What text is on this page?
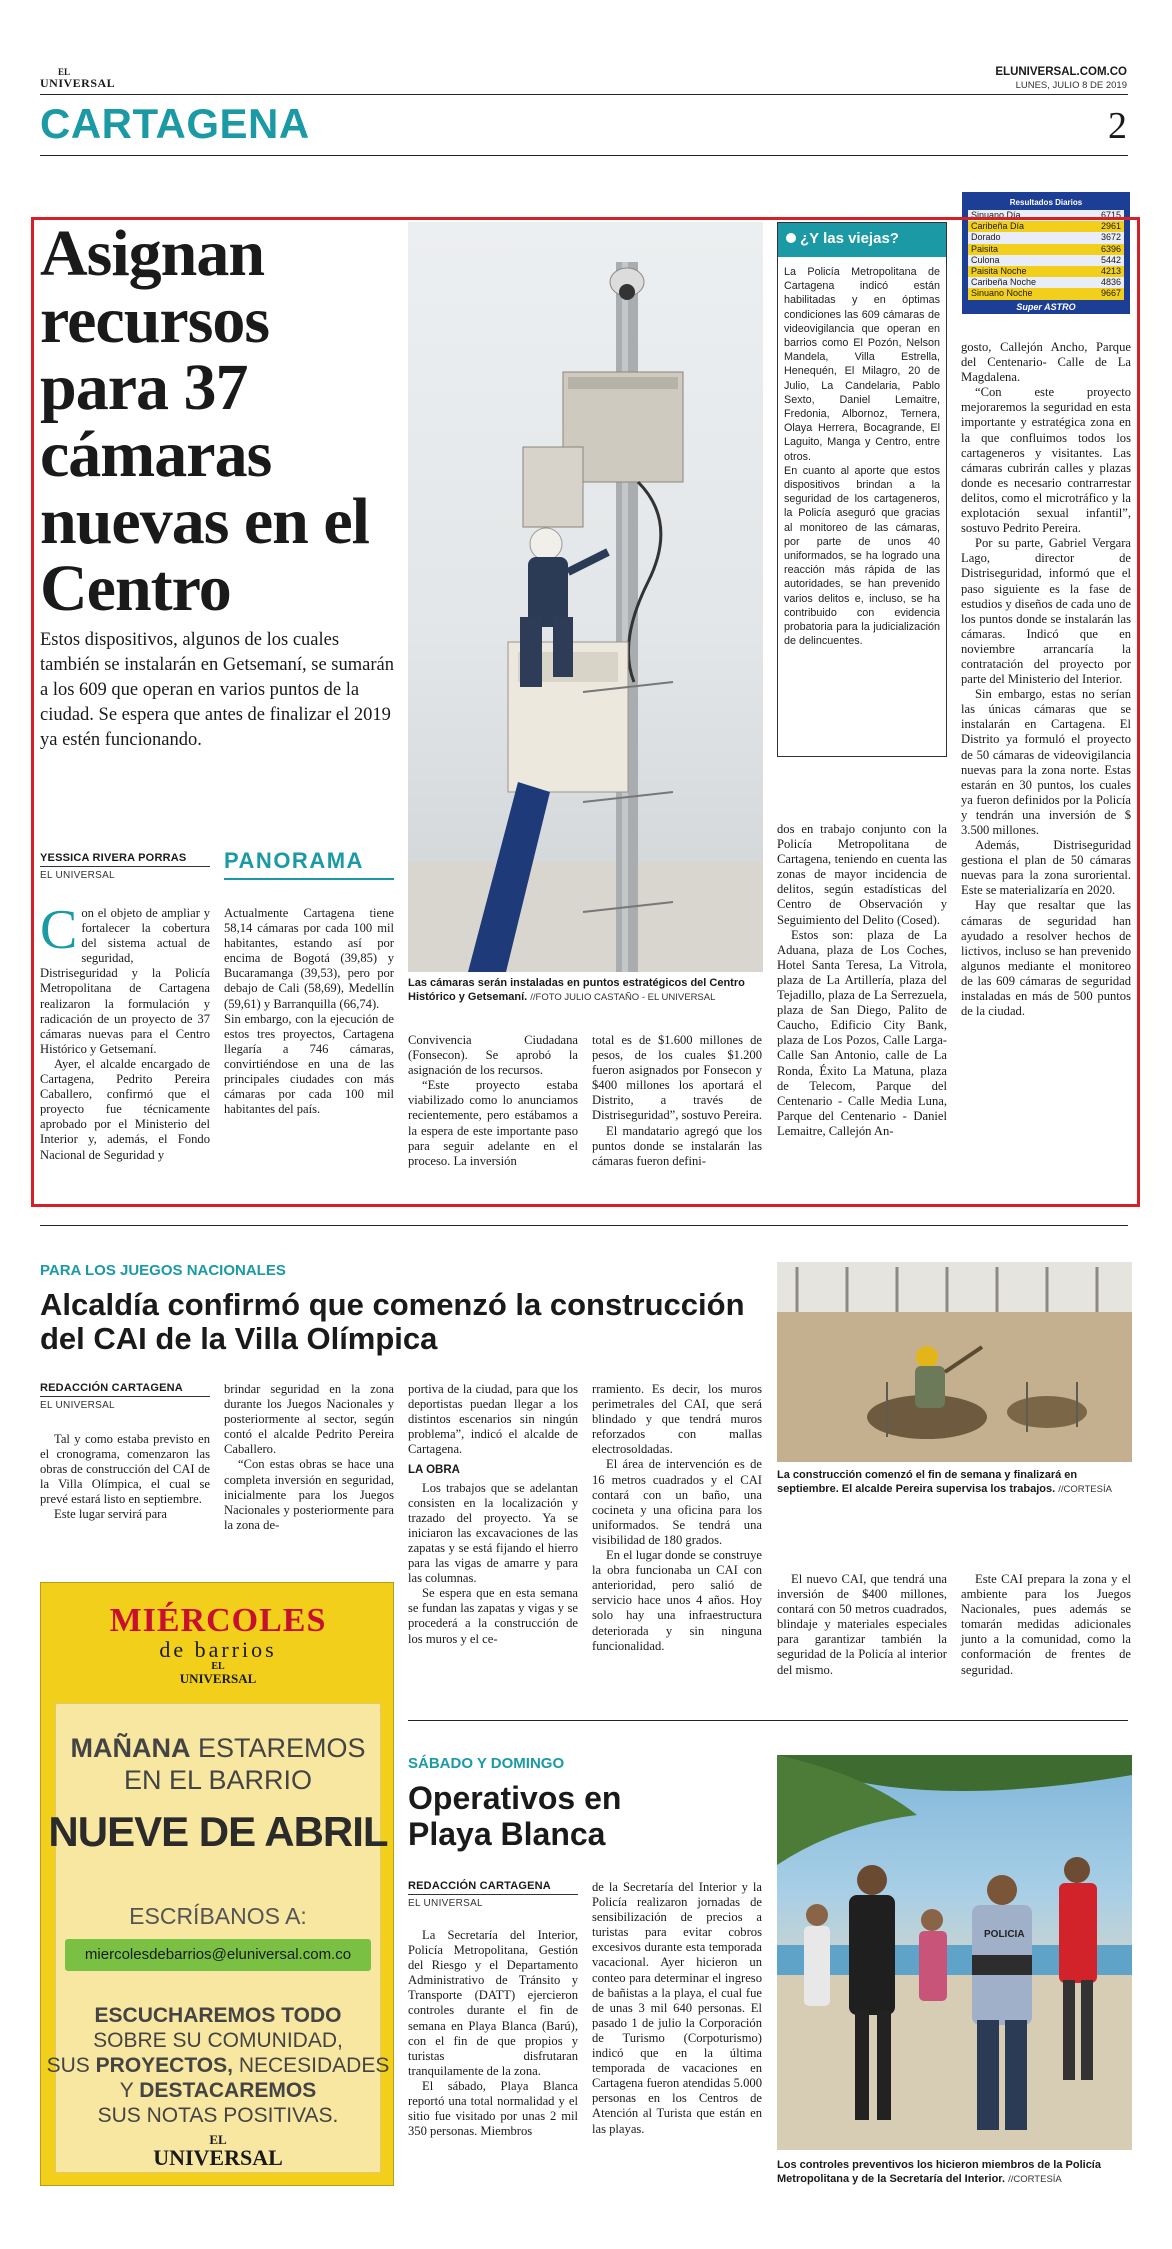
EL
UNIVERSAL
ELUNIVERSAL.COM.CO
LUNES, JULIO 8 DE 2019
CARTAGENA	2
Resultados Diarios
Sinuano Día	6715
Caribeña Día	2961
Dorado	3672
Paisita	6396
Culona	5442
Paisita Noche	4213
Caribeña Noche	4836
Sinuano Noche	9667
Super ASTRO
Asignan recursos para 37 cámaras nuevas en el Centro

Estos dispositivos, algunos de los cuales también se instalarán en Getsemaní, se sumarán a los 609 que operan en varios puntos de la ciudad. Se espera que antes de finalizar el 2019 ya estén funcionando.

YESSICA RIVERA PORRAS
EL UNIVERSAL

Con el objeto de ampliar y fortalecer la cobertura del sistema actual de seguridad, Distriseguridad y la Policía Metropolitana de Cartagena realizaron la formulación y radicación de un proyecto de 37 cámaras nuevas para el Centro Histórico y Getsemaní.

Ayer, el alcalde encargado de Cartagena, Pedrito Pereira Caballero, confirmó que el proyecto fue técnicamente aprobado por el Ministerio del Interior y, además, el Fondo Nacional de Seguridad y

PANORAMA

Actualmente Cartagena tiene 58,14 cámaras por cada 100 mil habitantes, estando así por encima de Bogotá (39,85) y Bucaramanga (39,53), pero por debajo de Cali (58,69), Medellín (59,61) y Barranquilla (66,74).

Sin embargo, con la ejecución de estos tres proyectos, Cartagena llegaría a 746 cámaras, convirtiéndose en una de las principales ciudades con más cámaras por cada 100 mil habitantes del país.

Las cámaras serán instaladas en puntos estratégicos del Centro Histórico y Getsemaní. //FOTO JULIO CASTAÑO - EL UNIVERSAL

Convivencia Ciudadana (Fonsecon). Se aprobó la asignación de los recursos.

“Este proyecto estaba viabilizado como lo anunciamos recientemente, pero estábamos a la espera de este importante paso para seguir adelante en el proceso. La inversión

total es de $1.600 millones de pesos, de los cuales $1.200 fueron asignados por Fonsecon y $400 millones los aportará el Distrito, a través de Distriseguridad”, sostuvo Pereira.

El mandatario agregó que los puntos donde se instalarán las cámaras fueron defini-

¿Y las viejas?

La Policía Metropolitana de Cartagena indicó están habilitadas y en óptimas condiciones las 609 cámaras de videovigilancia que operan en barrios como El Pozón, Nelson Mandela, Villa Estrella, Henequén, El Milagro, 20 de Julio, La Candelaria, Pablo Sexto, Daniel Lemaitre, Fredonia, Albornoz, Ternera, Olaya Herrera, Bocagrande, El Laguito, Manga y Centro, entre otros.

En cuanto al aporte que estos dispositivos brindan a la seguridad de los cartageneros, la Policía aseguró que gracias al monitoreo de las cámaras, por parte de unos 40 uniformados, se ha logrado una reacción más rápida de las autoridades, se han prevenido varios delitos e, incluso, se ha contribuido con evidencia probatoria para la judicialización de delincuentes.

dos en trabajo conjunto con la Policía Metropolitana de Cartagena, teniendo en cuenta las zonas de mayor incidencia de delitos, según estadísticas del Centro de Observación y Seguimiento del Delito (Cosed).

Estos son: plaza de La Aduana, plaza de Los Coches, Hotel Santa Teresa, La Vitrola, plaza de La Artillería, plaza del Tejadillo, plaza de La Serrezuela, plaza de San Diego, Palito de Caucho, Edificio City Bank, plaza de Los Pozos, Calle Larga-Calle San Antonio, calle de La Ronda, Éxito La Matuna, plaza de Telecom, Parque del Centenario - Calle Media Luna, Parque del Centenario - Daniel Lemaitre, Callejón An-

gosto, Callejón Ancho, Parque del Centenario- Calle de La Magdalena.

“Con este proyecto mejoraremos la seguridad en esta importante y estratégica zona en la que confluimos todos los cartageneros y visitantes. Las cámaras cubrirán calles y plazas donde es necesario contrarrestar delitos, como el microtráfico y la explotación sexual infantil”, sostuvo Pedrito Pereira.

Por su parte, Gabriel Vergara Lago, director de Distriseguridad, informó que el paso siguiente es la fase de estudios y diseños de cada uno de los puntos donde se instalarán las cámaras. Indicó que en noviembre arrancaría la contratación del proyecto por parte del Ministerio del Interior.

Sin embargo, estas no serían las únicas cámaras que se instalarán en Cartagena. El Distrito ya formuló el proyecto de 50 cámaras de videovigilancia nuevas para la zona norte. Estas estarán en 30 puntos, los cuales ya fueron definidos por la Policía y tendrán una inversión de $ 3.500 millones.

Además, Distriseguridad gestiona el plan de 50 cámaras nuevas para la zona suroriental. Este se materializaría en 2020.

Hay que resaltar que las cámaras de seguridad han ayudado a resolver hechos de lictivos, incluso se han prevenido algunos mediante el monitoreo de las 609 cámaras de seguridad instaladas en más de 500 puntos de la ciudad.

PARA LOS JUEGOS NACIONALES
Alcaldía confirmó que comenzó la construcción del CAI de la Villa Olímpica
REDACCIÓN CARTAGENA
EL UNIVERSAL

Tal y como estaba previsto en el cronograma, comenzaron las obras de construcción del CAI de la Villa Olímpica, el cual se prevé estará listo en septiembre.

Este lugar servirá para

brindar seguridad en la zona durante los Juegos Nacionales y posteriormente al sector, según contó el alcalde Pedrito Pereira Caballero.

“Con estas obras se hace una completa inversión en seguridad, inicialmente para los Juegos Nacionales y posteriormente para la zona de-

portiva de la ciudad, para que los deportistas puedan llegar a los distintos escenarios sin ningún problema”, indicó el alcalde de Cartagena.

LA OBRA

Los trabajos que se adelantan consisten en la localización y trazado del proyecto. Ya se iniciaron las excavaciones de las zapatas y se está fijando el hierro para las vigas de amarre y para las columnas.

Se espera que en esta semana se fundan las zapatas y vigas y se procederá a la construcción de los muros y el ce-

rramiento. Es decir, los muros perimetrales del CAI, que será blindado y que tendrá muros reforzados con mallas electrosoldadas.

El área de intervención es de 16 metros cuadrados y el CAI contará con un baño, una cocineta y una oficina para los uniformados. Se tendrá una visibilidad de 180 grados.

En el lugar donde se construye la obra funcionaba un CAI con anterioridad, pero salió de servicio hace unos 4 años. Hoy solo hay una infraestructura deteriorada y sin ninguna funcionalidad.

La construcción comenzó el fin de semana y finalizará en septiembre. El alcalde Pereira supervisa los trabajos. //CORTESÍA

El nuevo CAI, que tendrá una inversión de $400 millones, contará con 50 metros cuadrados, blindaje y materiales especiales para garantizar también la seguridad de la Policía al interior del mismo.

Este CAI prepara la zona y el ambiente para los Juegos Nacionales, pues además se tomarán medidas adicionales junto a la comunidad, como la conformación de frentes de seguridad.

MIÉRCOLES
de barrios
EL
UNIVERSAL
MAÑANA ESTAREMOS
EN EL BARRIO
NUEVE DE ABRIL
ESCRÍBANOS A:
miercolesdebarrios@eluniversal.com.co
ESCUCHAREMOS TODO
SOBRE SU COMUNIDAD,
SUS PROYECTOS, NECESIDADES
Y DESTACAREMOS
SUS NOTAS POSITIVAS.
EL
UNIVERSAL
SÁBADO Y DOMINGO
Operativos en Playa Blanca
REDACCIÓN CARTAGENA
EL UNIVERSAL

La Secretaría del Interior, Policía Metropolitana, Gestión del Riesgo y el Departamento Administrativo de Tránsito y Transporte (DATT) ejercieron controles durante el fin de semana en Playa Blanca (Barú), con el fin de que propios y turistas disfrutaran tranquilamente de la zona.

El sábado, Playa Blanca reportó una total normalidad y el sitio fue visitado por unas 2 mil 350 personas. Miembros

de la Secretaría del Interior y la Policía realizaron jornadas de sensibilización de precios a turistas para evitar cobros excesivos durante esta temporada vacacional. Ayer hicieron un conteo para determinar el ingreso de bañistas a la playa, el cual fue de unas 3 mil 640 personas. El pasado 1 de julio la Corporación de Turismo (Corpoturismo) indicó que en la última temporada de vacaciones en Cartagena fueron atendidas 5.000 personas en los Centros de Atención al Turista que están en las playas.

POLICIA
Los controles preventivos los hicieron miembros de la Policía Metropolitana y de la Secretaría del Interior. //CORTESÍA
